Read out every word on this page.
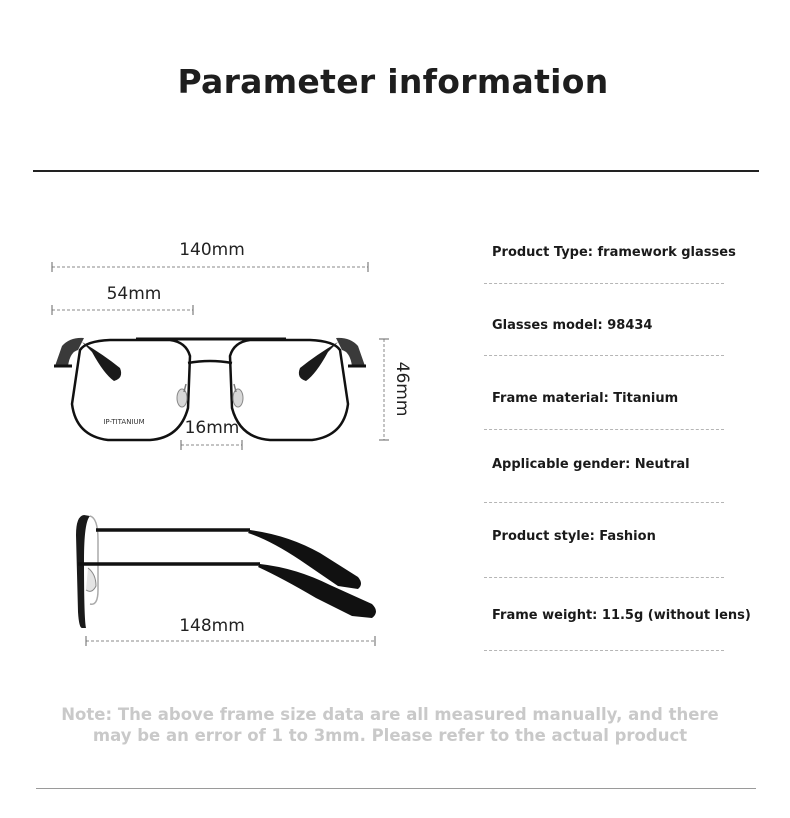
Parameter information
140mm
54mm
IP-TITANIUM 16mm
46mm
148mm
Product Type: framework glasses
Glasses model: 98434
Frame material: Titanium
Applicable gender: Neutral
Product style: Fashion
Frame weight: 11.5g (without lens)
Note: The above frame size data are all measured manually, and there
may be an error of 1 to 3mm. Please refer to the actual product
